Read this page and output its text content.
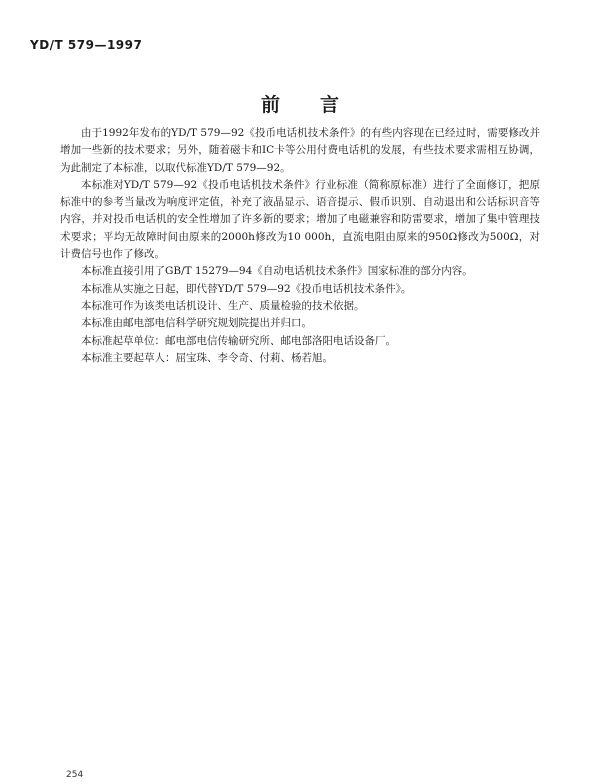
YD/T 579—1997
前言

由于1992年发布的YD/T 579—92《投币电话机技术条件》的有些内容现在已经过时，需要修改并增加一些新的技术要求；另外，随着磁卡和IC卡等公用付费电话机的发展，有些技术要求需相互协调，为此制定了本标准，以取代标准YD/T 579—92。

本标准对YD/T 579—92《投币电话机技术条件》行业标准（简称原标准）进行了全面修订，把原标准中的参考当量改为响度评定值，补充了液晶显示、语音提示、假币识别、自动退出和公话标识音等内容，并对投币电话机的安全性增加了许多新的要求；增加了电磁兼容和防雷要求，增加了集中管理技术要求；平均无故障时间由原来的2000h修改为10 000h，直流电阻由原来的950Ω修改为500Ω，对计费信号也作了修改。

本标准直接引用了GB/T 15279—94《自动电话机技术条件》国家标准的部分内容。

本标准从实施之日起，即代替YD/T 579—92《投币电话机技术条件》。

本标准可作为该类电话机设计、生产、质量检验的技术依据。

本标准由邮电部电信科学研究规划院提出并归口。

本标准起草单位：邮电部电信传输研究所、邮电部洛阳电话设备厂。

本标准主要起草人：屈宝珠、李令奇、付莉、杨若旭。

254
